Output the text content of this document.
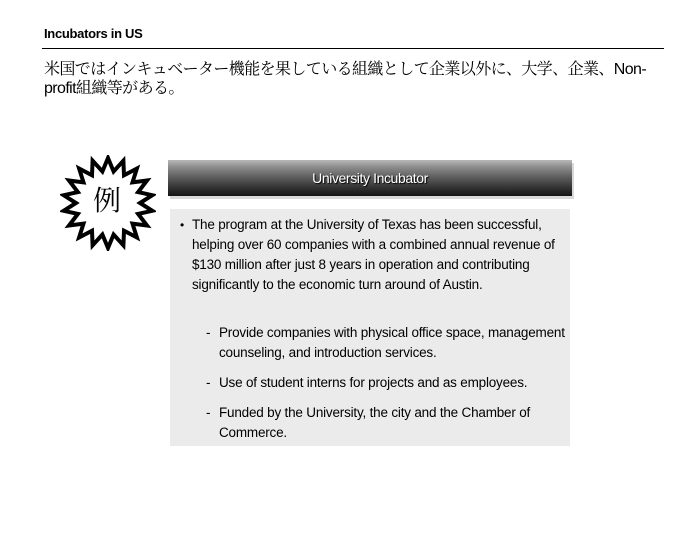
Incubators in US
米国ではインキュベーター機能を果している組織として企業以外に、大学、企業、Non-profit組織等がある。
例
University Incubator
• The program at the University of Texas has been successful, helping over 60 companies with a combined annual revenue of $130 million after just 8 years in operation and contributing significantly to the economic turn around of Austin.
- Provide companies with physical office space, management counseling, and introduction services.
- Use of student interns for projects and as employees.
- Funded by the University, the city and the Chamber of Commerce.
